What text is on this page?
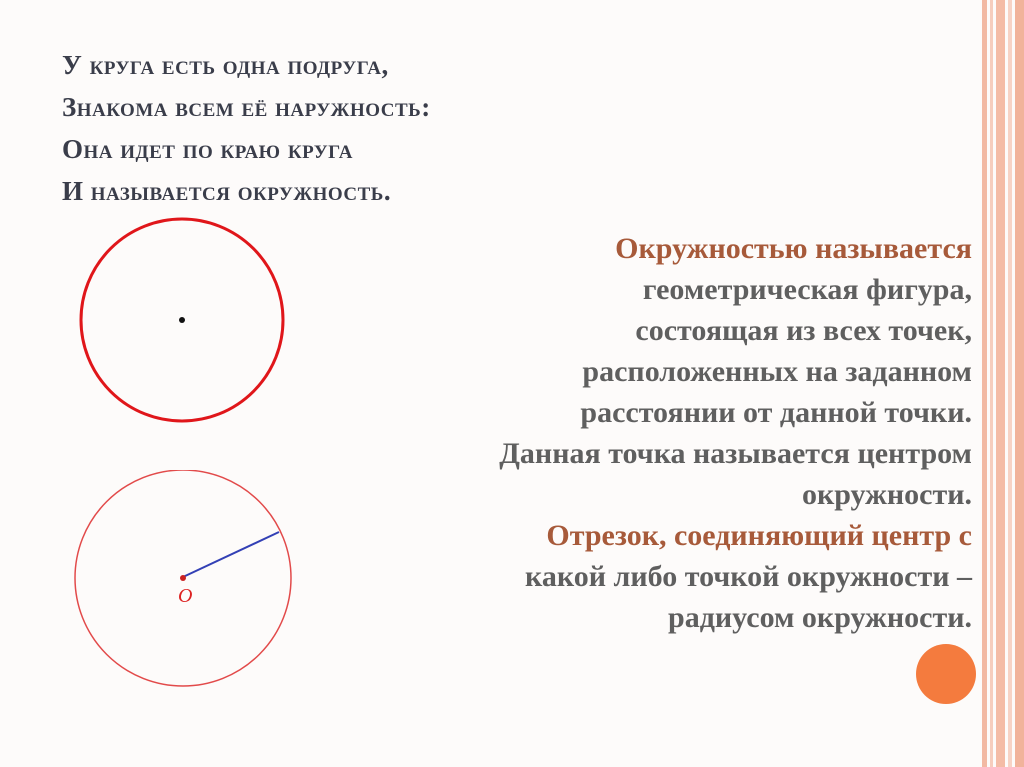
У круга есть одна подруга,
Знакома всем её наружность:
Она идет по краю круга
И называется окружность.
Окружностью называется
геометрическая фигура,
состоящая из всех точек,
расположенных на заданном
расстоянии от данной точки.
Данная точка называется центром
окружности.
Отрезок, соединяющий центр с
какой либо точкой окружности –
радиусом окружности.
О
